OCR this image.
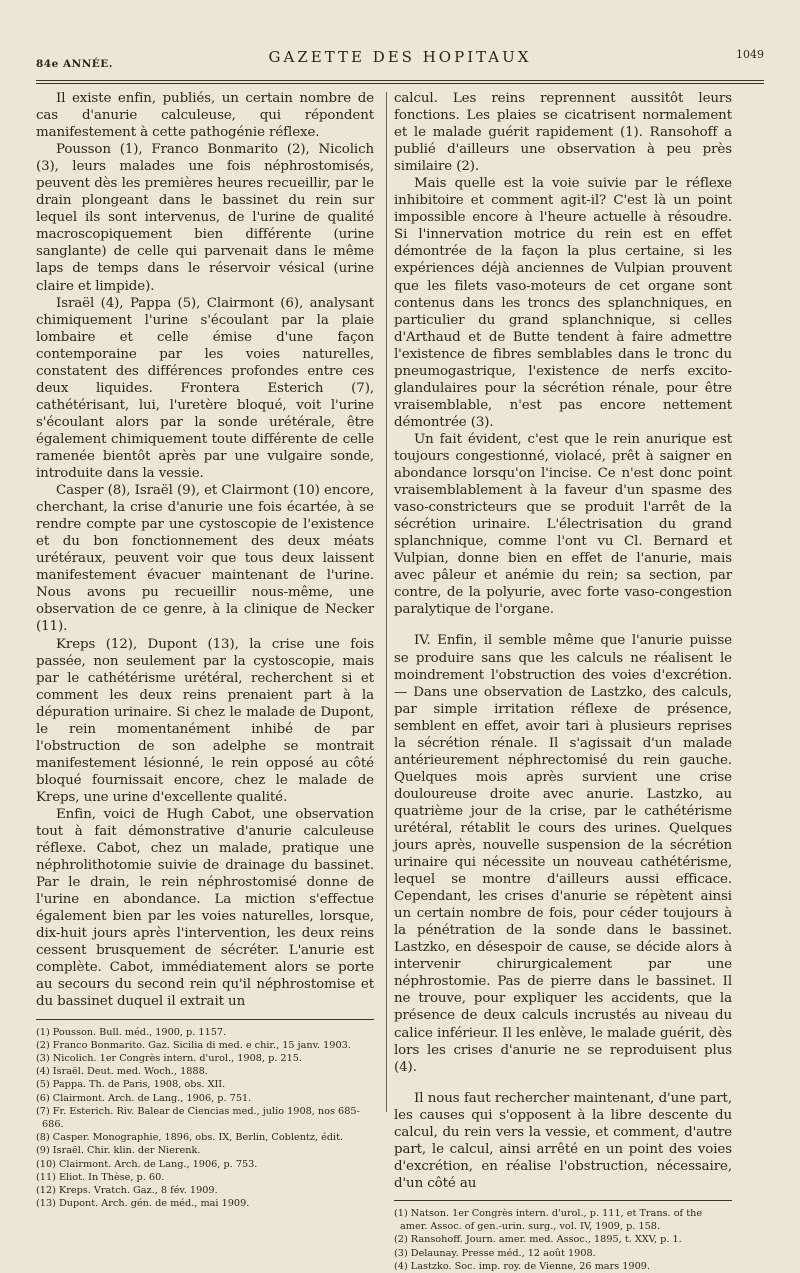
84e ANNÉE.	GAZETTE DES HOPITAUX	1049

Il existe enfin, publiés, un certain nombre de cas d'anurie calculeuse, qui répondent manifestement à cette pathogénie réflexe.

Pousson (1), Franco Bonmarito (2), Nicolich (3), leurs malades une fois néphrostomisés, peuvent dès les premières heures recueillir, par le drain plongeant dans le bassinet du rein sur lequel ils sont intervenus, de l'urine de qualité macroscopiquement bien différente (urine sanglante) de celle qui parvenait dans le même laps de temps dans le réservoir vésical (urine claire et limpide).

Israël (4), Pappa (5), Clairmont (6), analysant chimiquement l'urine s'écoulant par la plaie lombaire et celle émise d'une façon contemporaine par les voies naturelles, constatent des différences profondes entre ces deux liquides. Frontera Esterich (7), cathétérisant, lui, l'uretère bloqué, voit l'urine s'écoulant alors par la sonde urétérale, être également chimiquement toute différente de celle ramenée bientôt après par une vulgaire sonde, introduite dans la vessie.

Casper (8), Israël (9), et Clairmont (10) encore, cherchant, la crise d'anurie une fois écartée, à se rendre compte par une cystoscopie de l'existence et du bon fonctionnement des deux méats urétéraux, peuvent voir que tous deux laissent manifestement évacuer maintenant de l'urine. Nous avons pu recueillir nous-même, une observation de ce genre, à la clinique de Necker (11).

Kreps (12), Dupont (13), la crise une fois passée, non seulement par la cystoscopie, mais par le cathétérisme urétéral, recherchent si et comment les deux reins prenaient part à la dépuration urinaire. Si chez le malade de Dupont, le rein momentanément inhibé de par l'obstruction de son adelphe se montrait manifestement lésionné, le rein opposé au côté bloqué fournissait encore, chez le malade de Kreps, une urine d'excellente qualité.

Enfin, voici de Hugh Cabot, une observation tout à fait démonstrative d'anurie calculeuse réflexe. Cabot, chez un malade, pratique une néphrolithotomie suivie de drainage du bassinet. Par le drain, le rein néphrostomisé donne de l'urine en abondance. La miction s'effectue également bien par les voies naturelles, lorsque, dix-huit jours après l'intervention, les deux reins cessent brusquement de sécréter. L'anurie est complète. Cabot, immédiatement alors se porte au secours du second rein qu'il néphrostomise et du bassinet duquel il extrait un

(1) Pousson. Bull. méd., 1900, p. 1157.
(2) Franco Bonmarito. Gaz. Sicilia di med. e chir., 15 janv. 1903.
(3) Nicolich. 1er Congrès intern. d'urol., 1908, p. 215.
(4) Israël. Deut. med. Woch., 1888.
(5) Pappa. Th. de Paris, 1908, obs. XII.
(6) Clairmont. Arch. de Lang., 1906, p. 751.
(7) Fr. Esterich. Riv. Balear de Ciencias med., julio 1908, nos 685-686.
(8) Casper. Monographie, 1896, obs. IX, Berlin, Coblentz, édit.
(9) Israël. Chir. klin. der Nierenk.
(10) Clairmont. Arch. de Lang., 1906, p. 753.
(11) Eliot. In Thèse, p. 60.
(12) Kreps. Vratch. Gaz., 8 fév. 1909.
(13) Dupont. Arch. gén. de méd., mai 1909.

calcul. Les reins reprennent aussitôt leurs fonctions. Les plaies se cicatrisent normalement et le malade guérit rapidement (1). Ransohoff a publié d'ailleurs une observation à peu près similaire (2).

Mais quelle est la voie suivie par le réflexe inhibitoire et comment agit-il? C'est là un point impossible encore à l'heure actuelle à résoudre. Si l'innervation motrice du rein est en effet démontrée de la façon la plus certaine, si les expériences déjà anciennes de Vulpian prouvent que les filets vaso-moteurs de cet organe sont contenus dans les troncs des splanchniques, en particulier du grand splanchnique, si celles d'Arthaud et de Butte tendent à faire admettre l'existence de fibres semblables dans le tronc du pneumogastrique, l'existence de nerfs excito-glandulaires pour la sécrétion rénale, pour être vraisemblable, n'est pas encore nettement démontrée (3).

Un fait évident, c'est que le rein anurique est toujours congestionné, violacé, prêt à saigner en abondance lorsqu'on l'incise. Ce n'est donc point vraisemblablement à la faveur d'un spasme des vaso-constricteurs que se produit l'arrêt de la sécrétion urinaire. L'électrisation du grand splanchnique, comme l'ont vu Cl. Bernard et Vulpian, donne bien en effet de l'anurie, mais avec pâleur et anémie du rein; sa section, par contre, de la polyurie, avec forte vaso-congestion paralytique de l'organe.

IV. Enfin, il semble même que l'anurie puisse se produire sans que les calculs ne réalisent le moindrement l'obstruction des voies d'excrétion. — Dans une observation de Lastzko, des calculs, par simple irritation réflexe de présence, semblent en effet, avoir tari à plusieurs reprises la sécrétion rénale. Il s'agissait d'un malade antérieurement néphrectomisé du rein gauche. Quelques mois après survient une crise douloureuse droite avec anurie. Lastzko, au quatrième jour de la crise, par le cathétérisme urétéral, rétablit le cours des urines. Quelques jours après, nouvelle suspension de la sécrétion urinaire qui nécessite un nouveau cathétérisme, lequel se montre d'ailleurs aussi efficace. Cependant, les crises d'anurie se répètent ainsi un certain nombre de fois, pour céder toujours à la pénétration de la sonde dans le bassinet. Lastzko, en désespoir de cause, se décide alors à intervenir chirurgicalement par une néphrostomie. Pas de pierre dans le bassinet. Il ne trouve, pour expliquer les accidents, que la présence de deux calculs incrustés au niveau du calice inférieur. Il les enlève, le malade guérit, dès lors les crises d'anurie ne se reproduisent plus (4).

Il nous faut rechercher maintenant, d'une part, les causes qui s'opposent à la libre descente du calcul, du rein vers la vessie, et comment, d'autre part, le calcul, ainsi arrêté en un point des voies d'excrétion, en réalise l'obstruction, nécessaire, d'un côté au

(1) Natson. 1er Congrès intern. d'urol., p. 111, et Trans. of the amer. Assoc. of gen.-urin. surg., vol. IV, 1909, p. 158.
(2) Ransohoff. Journ. amer. med. Assoc., 1895, t. XXV, p. 1.
(3) Delaunay. Presse méd., 12 août 1908.
(4) Lastzko. Soc. imp. roy. de Vienne, 26 mars 1909.
